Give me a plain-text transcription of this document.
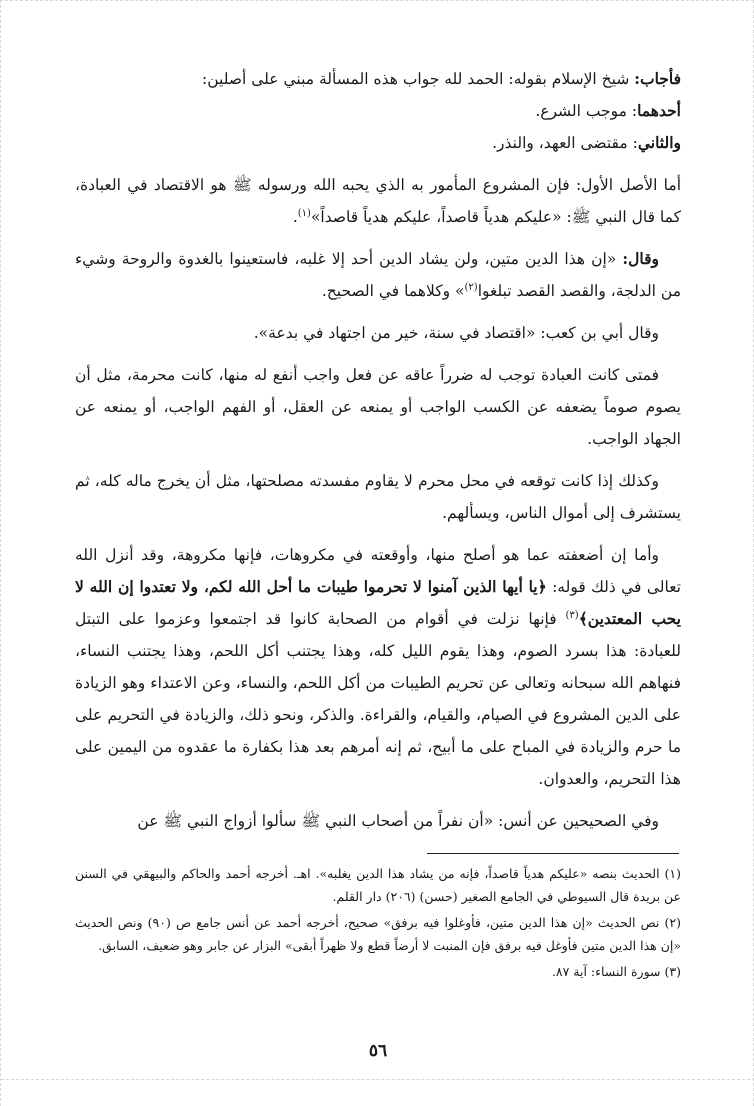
فأجاب: شيخ الإسلام بقوله: الحمد لله جواب هذه المسألة مبني على أصلين:

أحدهما: موجب الشرع.

والثاني: مقتضى العهد، والنذر.

أما الأصل الأول: فإن المشروع المأمور به الذي يحبه الله ورسوله ﷺ هو الاقتصاد في العبادة، كما قال النبي ﷺ: «عليكم هدياً قاصداً، عليكم هدياً قاصداً»$^{(١)}$.

وقال: «إن هذا الدين متين، ولن يشاد الدين أحد إلا غلبه، فاستعينوا بالغدوة والروحة وشيء من الدلجة، والقصد القصد تبلغوا$^{(٢)}$» وكلاهما في الصحيح.

وقال أبي بن كعب: «اقتصاد في سنة، خير من اجتهاد في بدعة».

فمتى كانت العبادة توجب له ضرراً عاقه عن فعل واجب أنفع له منها، كانت محرمة، مثل أن يصوم صوماً يضعفه عن الكسب الواجب أو يمنعه عن العقل، أو الفهم الواجب، أو يمنعه عن الجهاد الواجب.

وكذلك إذا كانت توقعه في محل محرم لا يقاوم مفسدته مصلحتها، مثل أن يخرج ماله كله، ثم يستشرف إلى أموال الناس، ويسألهم.

وأما إن أضعفته عما هو أصلح منها، وأوقعته في مكروهات، فإنها مكروهة، وقد أنزل الله تعالى في ذلك قوله: ﴿يا أيها الذين آمنوا لا تحرموا طيبات ما أحل الله لكم، ولا تعتدوا إن الله لا يحب المعتدين﴾$^{(٣)}$ فإنها نزلت في أقوام من الصحابة كانوا قد اجتمعوا وعزموا على التبتل للعبادة: هذا بسرد الصوم، وهذا يقوم الليل كله، وهذا يجتنب أكل اللحم، وهذا يجتنب النساء، فنهاهم الله سبحانه وتعالى عن تحريم الطيبات من أكل اللحم، والنساء، وعن الاعتداء وهو الزيادة على الدين المشروع في الصيام، والقيام، والقراءة. والذكر، ونحو ذلك، والزيادة في التحريم على ما حرم والزيادة في المباح على ما أبيح، ثم إنه أمرهم بعد هذا بكفارة ما عقدوه من اليمين على هذا التحريم، والعدوان.

وفي الصحيحين عن أنس: «أن نفراً من أصحاب النبي ﷺ سألوا أزواج النبي ﷺ عن

(١) الحديث بنصه «عليكم هدياً قاصداً، فإنه من يشاد هذا الدين يغلبه». اهـ. أخرجه أحمد والحاكم والبيهقي في السنن عن بريدة قال السيوطي في الجامع الصغير (حسن) (٢٠٦) دار القلم.

(٢) نص الحديث «إن هذا الدين متين، فأوغلوا فيه برفق» صحيح، أخرجه أحمد عن أنس جامع ص (٩٠) ونص الحديث «إن هذا الدين متين فأوغل فيه برفق فإن المنبت لا أرضاً قطع ولا ظهراً أبقى» البزار عن جابر وهو ضعيف، السابق.

(٣) سورة النساء: آية ٨٧.

٥٦
